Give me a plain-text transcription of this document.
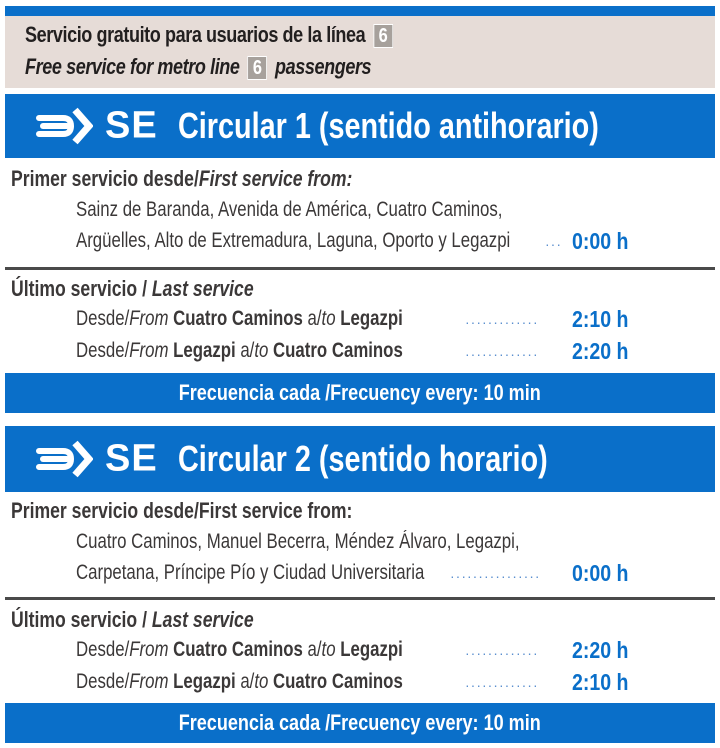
Servicio gratuito para usuarios de la línea 6
Free service for metro line 6 passengers
SE Circular 1 (sentido antihorario)
Primer servicio desde/First service from:
Sainz de Baranda, Avenida de América, Cuatro Caminos,
Argüelles, Alto de Extremadura, Laguna, Oporto y Legazpi ··· 0:00 h
Último servicio / Last service
Desde/From Cuatro Caminos a/to Legazpi	············· 2:10 h
Desde/From Legazpi a/to Cuatro Caminos	············· 2:20 h
Frecuencia cada /Frecuency every: 10 min
SE Circular 2 (sentido horario)
Primer servicio desde/First service from:
Cuatro Caminos, Manuel Becerra, Méndez Álvaro, Legazpi,
Carpetana, Príncipe Pío y Ciudad Universitaria ················ 0:00 h
Último servicio / Last service
Desde/From Cuatro Caminos a/to Legazpi	············· 2:20 h
Desde/From Legazpi a/to Cuatro Caminos	············· 2:10 h
Frecuencia cada /Frecuency every: 10 min
